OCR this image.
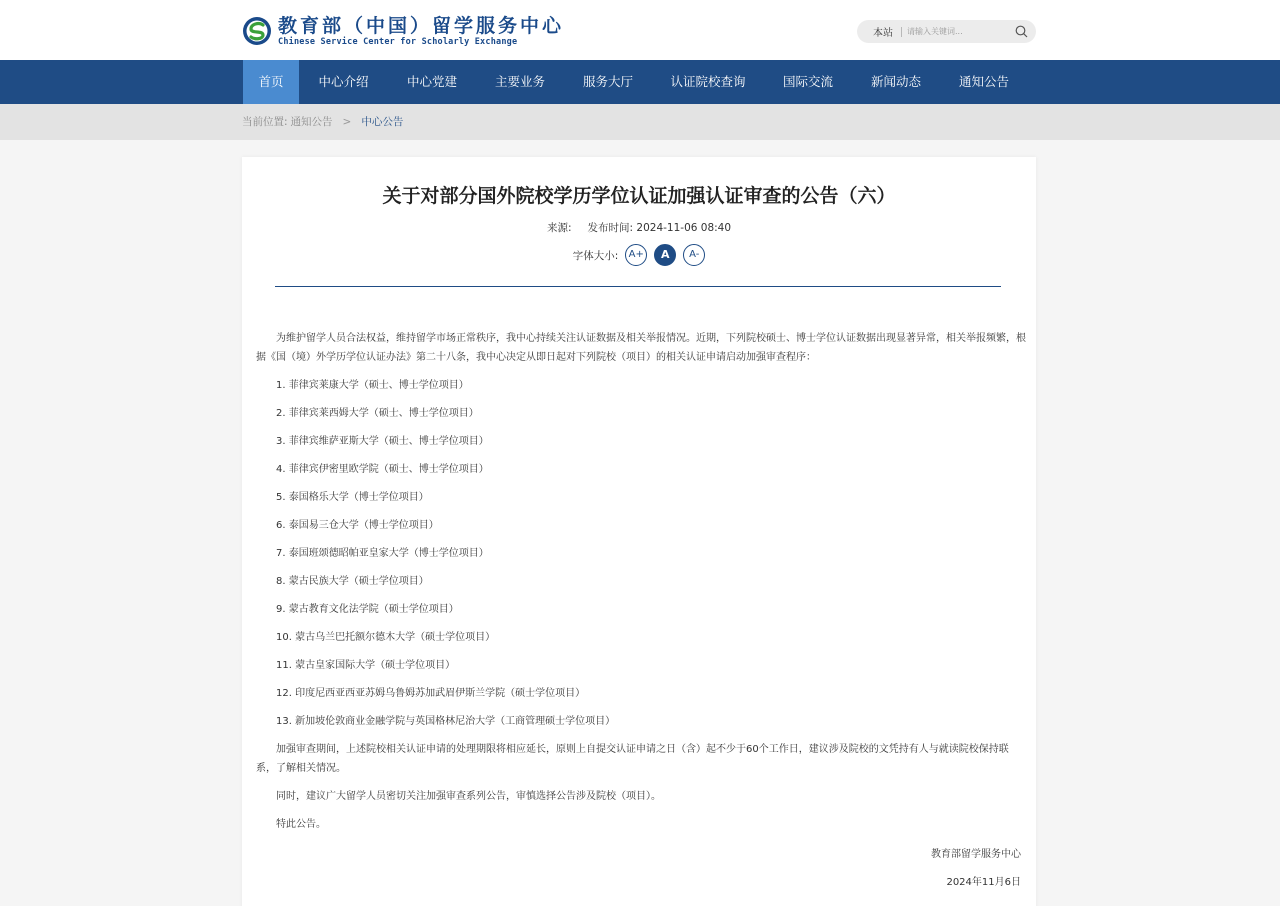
教育部（中国）留学服务中心
Chinese Service Center for Scholarly Exchange
本站
请输入关键词...
首页	中心介绍	中心党建	主要业务	服务大厅	认证院校查询	国际交流	新闻动态	通知公告
当前位置: 通知公告 > 中心公告
关于对部分国外院校学历学位认证加强认证审查的公告（六）
来源: 发布时间: 2024-11-06 08:40
字体大小:	A+	A	A-
为维护留学人员合法权益，维持留学市场正常秩序，我中心持续关注认证数据及相关举报情况。近期，下列院校硕士、博士学位认证数据出现显著异常，相关举报频繁，根据《国（境）外学历学位认证办法》第二十八条，我中心决定从即日起对下列院校（项目）的相关认证申请启动加强审查程序：
1. 菲律宾莱康大学（硕士、博士学位项目）
2. 菲律宾莱西姆大学（硕士、博士学位项目）
3. 菲律宾维萨亚斯大学（硕士、博士学位项目）
4. 菲律宾伊密里欧学院（硕士、博士学位项目）
5. 泰国格乐大学（博士学位项目）
6. 泰国易三仓大学（博士学位项目）
7. 泰国班颂德昭帕亚皇家大学（博士学位项目）
8. 蒙古民族大学（硕士学位项目）
9. 蒙古教育文化法学院（硕士学位项目）
10. 蒙古乌兰巴托额尔德木大学（硕士学位项目）
11. 蒙古皇家国际大学（硕士学位项目）
12. 印度尼西亚西亚苏姆乌鲁姆苏加武眉伊斯兰学院（硕士学位项目）
13. 新加坡伦敦商业金融学院与英国格林尼治大学（工商管理硕士学位项目）
加强审查期间，上述院校相关认证申请的处理期限将相应延长，原则上自提交认证申请之日（含）起不少于60个工作日，建议涉及院校的文凭持有人与就读院校保持联系，了解相关情况。
同时，建议广大留学人员密切关注加强审查系列公告，审慎选择公告涉及院校（项目）。
特此公告。
教育部留学服务中心
2024年11月6日
